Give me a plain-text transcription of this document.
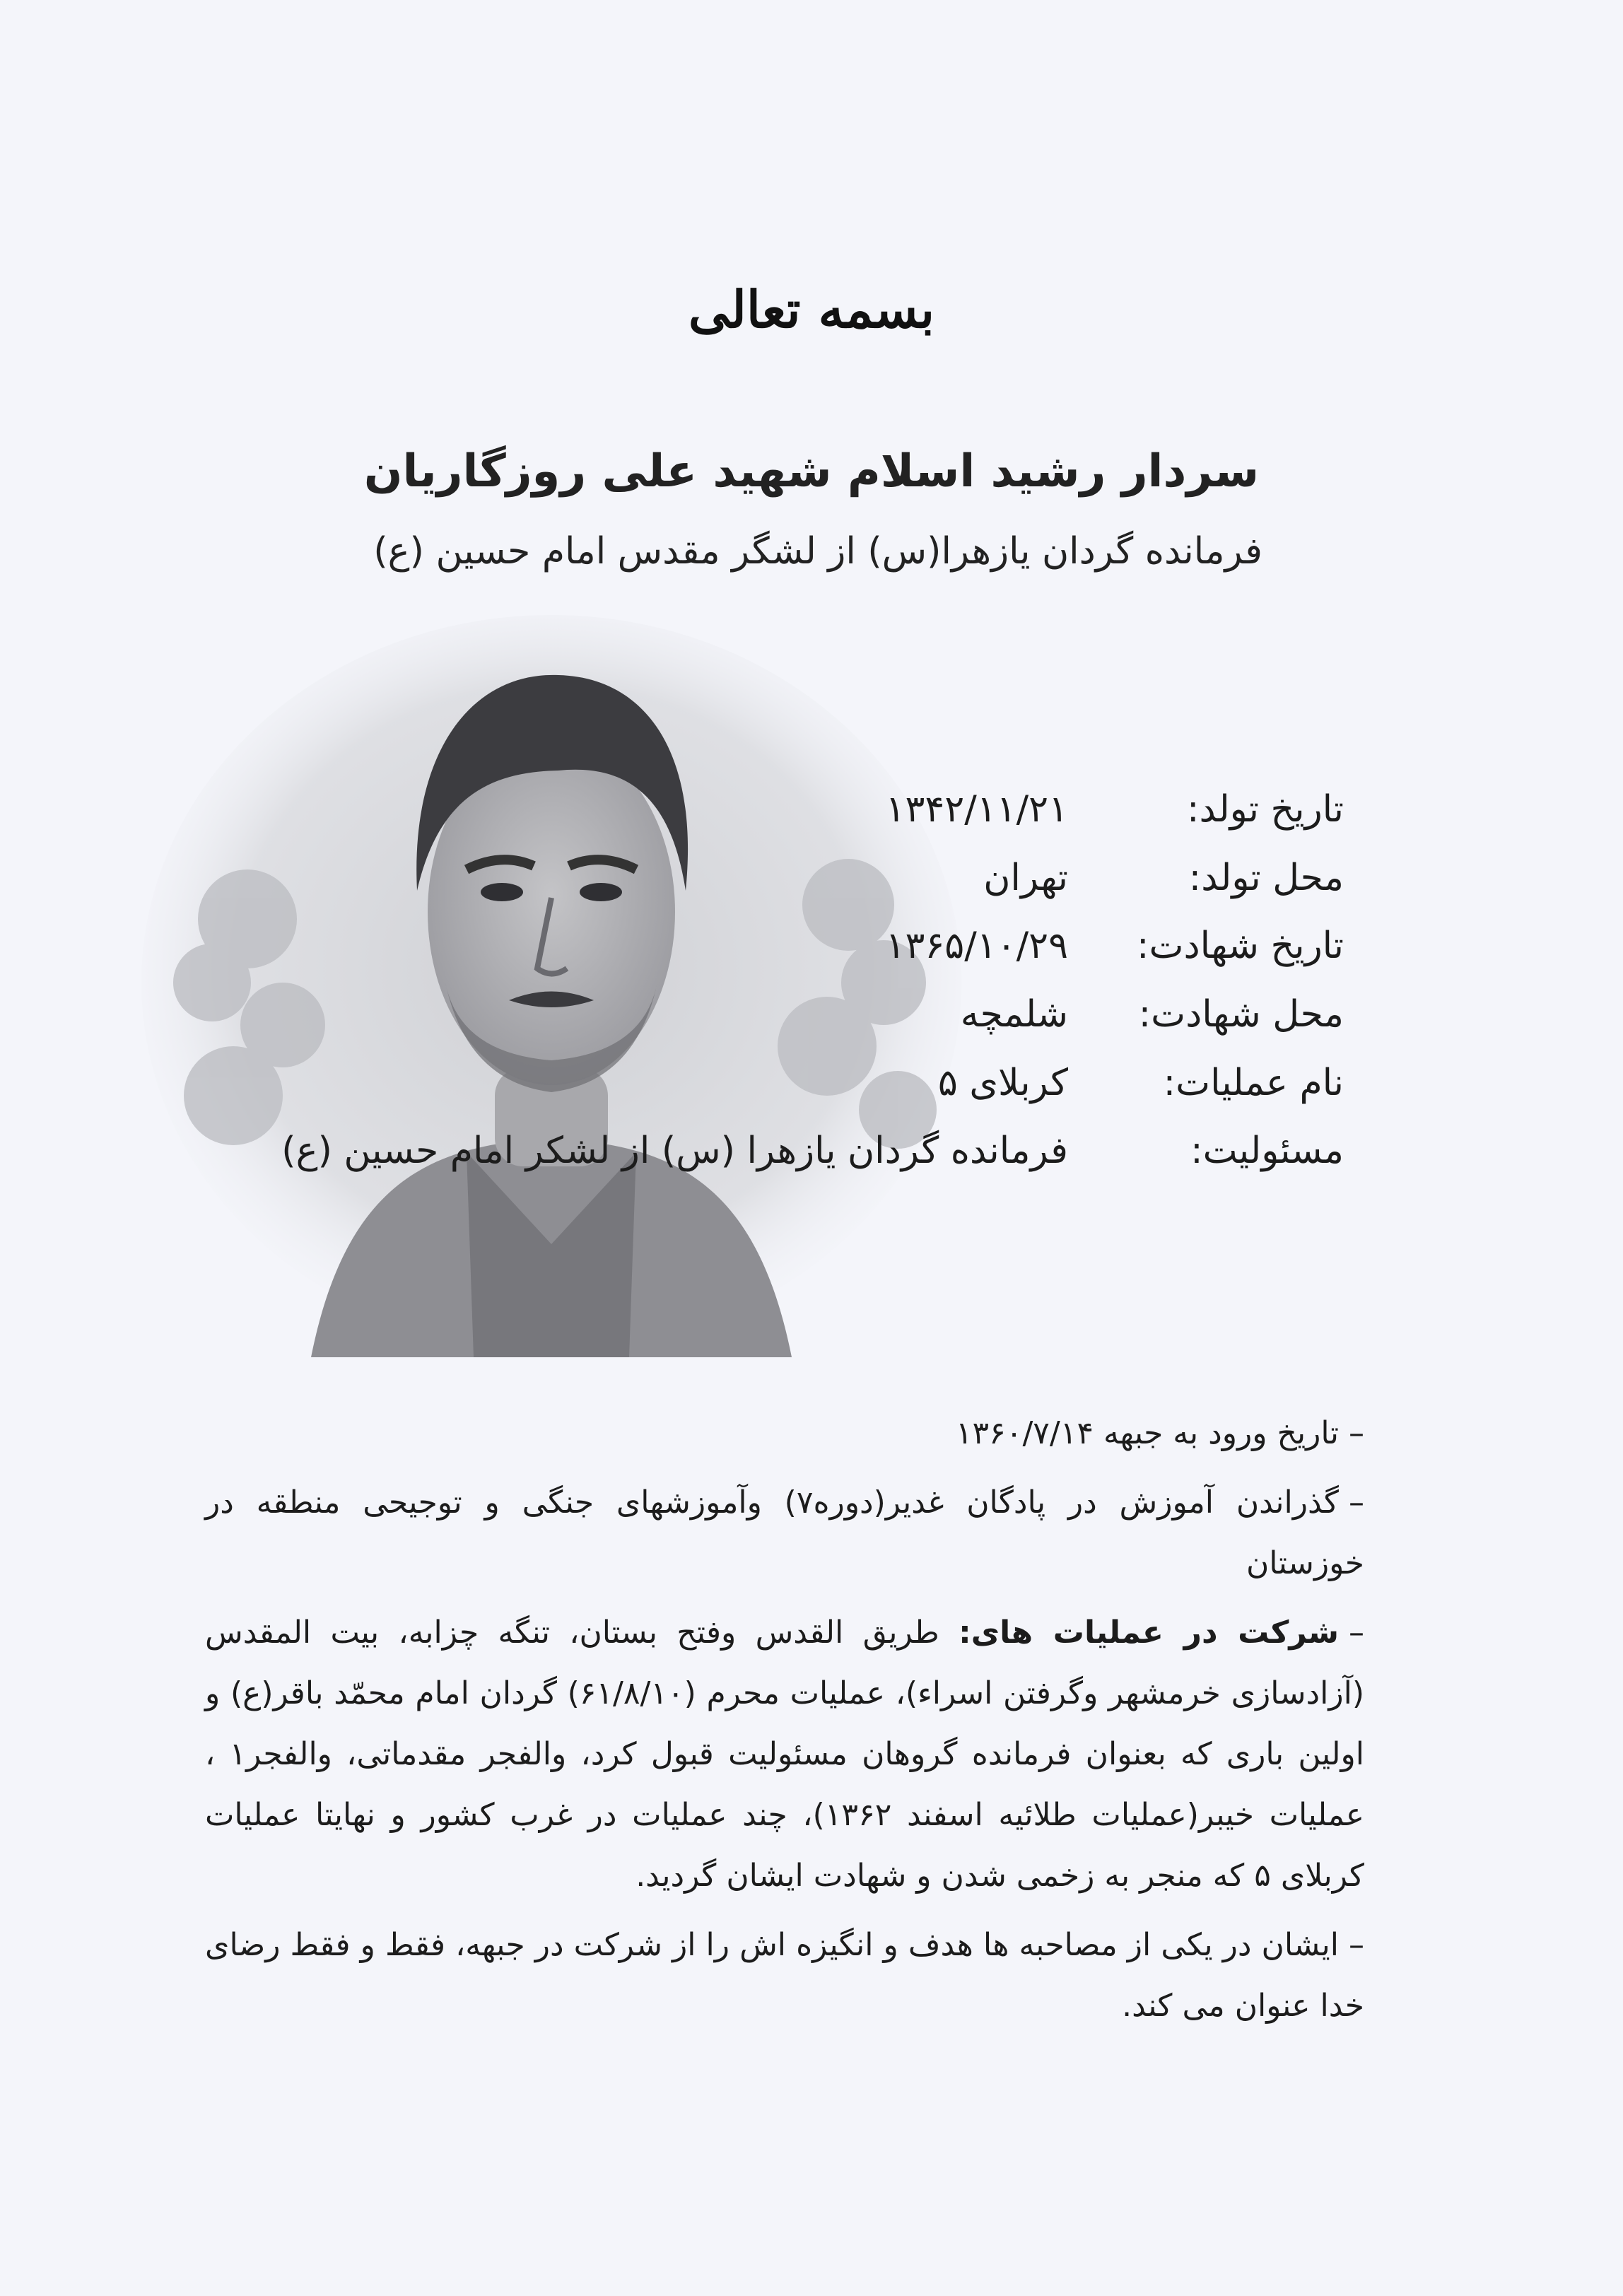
بسمه تعالی
سردار رشید اسلام شهید علی روزگاریان
فرمانده گردان یازهرا(س) از لشگر مقدس امام حسین (ع)
تاریخ تولد:
۱۳۴۲/۱۱/۲۱
محل تولد:
تهران
تاریخ شهادت:
۱۳۶۵/۱۰/۲۹
محل شهادت:
شلمچه
نام عملیات:
کربلای ۵
مسئولیت:
فرمانده گردان یازهرا (س) از لشکر امام حسین (ع)

–تاریخ ورود به جبهه ۱۳۶۰/۷/۱۴

–گذراندن آموزش در پادگان غدیر(دوره۷) وآموزشهای جنگی و توجیحی منطقه در خوزستان

–شرکت در عملیات های: طریق القدس وفتح بستان، تنگه چزابه، بیت المقدس (آزادسازی خرمشهر وگرفتن اسراء)، عملیات محرم (۶۱/۸/۱۰) گردان امام محمّد باقر(ع) و اولین باری که بعنوان فرمانده گروهان مسئولیت قبول کرد، والفجر مقدماتی، والفجر۱ ، عملیات خیبر(عملیات طلائیه اسفند ۱۳۶۲)، چند عملیات در غرب کشور و نهایتا عملیات کربلای ۵ که منجر به زخمی شدن و شهادت ایشان گردید.

–ایشان در یکی از مصاحبه ها هدف و انگیزه اش را از شرکت در جبهه، فقط و فقط رضای خدا عنوان می کند.
